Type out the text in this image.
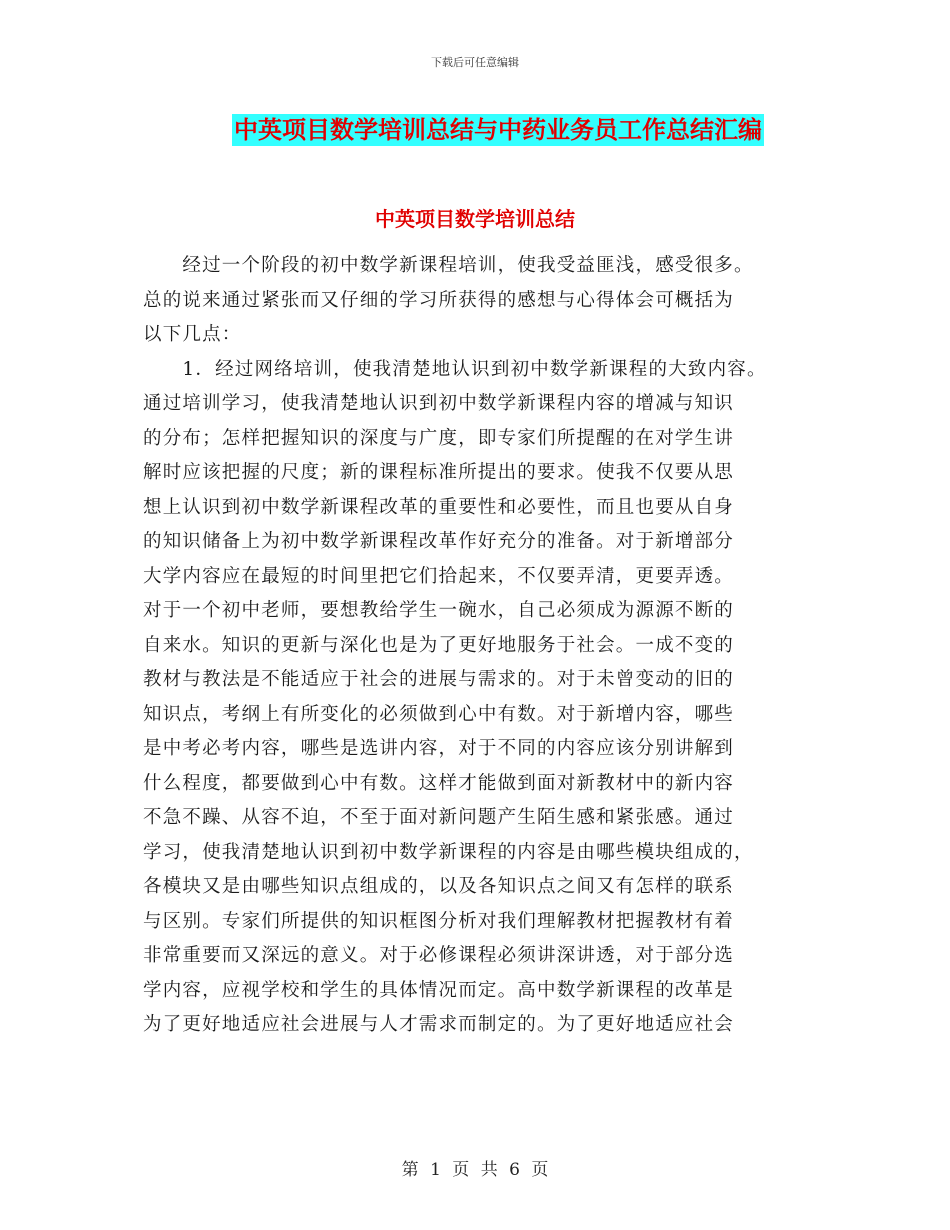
下载后可任意编辑
中英项目数学培训总结与中药业务员工作总结汇编
中英项目数学培训总结
　　经过一个阶段的初中数学新课程培训，使我受益匪浅，感受很多。
总的说来通过紧张而又仔细的学习所获得的感想与心得体会可概括为
以下几点：
　　1．经过网络培训，使我清楚地认识到初中数学新课程的大致内容。
通过培训学习，使我清楚地认识到初中数学新课程内容的增减与知识
的分布；怎样把握知识的深度与广度，即专家们所提醒的在对学生讲
解时应该把握的尺度；新的课程标准所提出的要求。使我不仅要从思
想上认识到初中数学新课程改革的重要性和必要性，而且也要从自身
的知识储备上为初中数学新课程改革作好充分的准备。对于新增部分
大学内容应在最短的时间里把它们拾起来，不仅要弄清，更要弄透。
对于一个初中老师，要想教给学生一碗水，自己必须成为源源不断的
自来水。知识的更新与深化也是为了更好地服务于社会。一成不变的
教材与教法是不能适应于社会的进展与需求的。对于未曾变动的旧的
知识点，考纲上有所变化的必须做到心中有数。对于新增内容，哪些
是中考必考内容，哪些是选讲内容，对于不同的内容应该分别讲解到
什么程度，都要做到心中有数。这样才能做到面对新教材中的新内容
不急不躁、从容不迫，不至于面对新问题产生陌生感和紧张感。通过
学习，使我清楚地认识到初中数学新课程的内容是由哪些模块组成的，
各模块又是由哪些知识点组成的，以及各知识点之间又有怎样的联系
与区别。专家们所提供的知识框图分析对我们理解教材把握教材有着
非常重要而又深远的意义。对于必修课程必须讲深讲透，对于部分选
学内容，应视学校和学生的具体情况而定。高中数学新课程的改革是
为了更好地适应社会进展与人才需求而制定的。为了更好地适应社会
第 1 页 共 6 页
